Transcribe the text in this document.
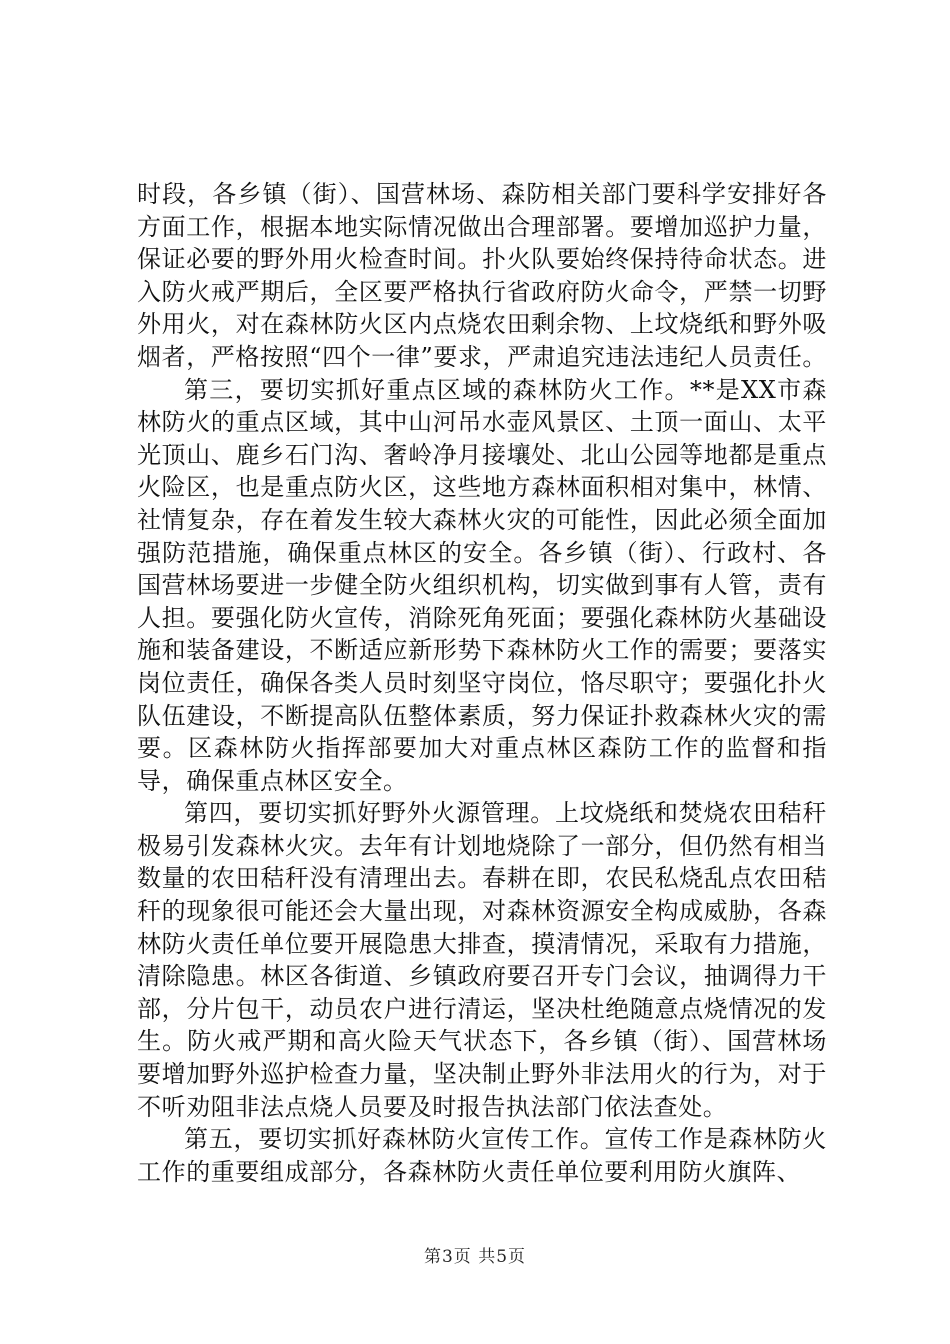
时段，各乡镇（街）、国营林场、森防相关部门要科学安排好各方面工作，根据本地实际情况做出合理部署。要增加巡护力量，保证必要的野外用火检查时间。扑火队要始终保持待命状态。进入防火戒严期后，全区要严格执行省政府防火命令，严禁一切野外用火，对在森林防火区内点烧农田剩余物、上坟烧纸和野外吸烟者，严格按照“四个一律”要求，严肃追究违法违纪人员责任。

第三，要切实抓好重点区域的森林防火工作。**是XX市森林防火的重点区域，其中山河吊水壶风景区、土顶一面山、太平光顶山、鹿乡石门沟、奢岭净月接壤处、北山公园等地都是重点火险区，也是重点防火区，这些地方森林面积相对集中，林情、社情复杂，存在着发生较大森林火灾的可能性，因此必须全面加强防范措施，确保重点林区的安全。各乡镇（街）、行政村、各国营林场要进一步健全防火组织机构，切实做到事有人管，责有人担。要强化防火宣传，消除死角死面；要强化森林防火基础设施和装备建设，不断适应新形势下森林防火工作的需要；要落实岗位责任，确保各类人员时刻坚守岗位，恪尽职守；要强化扑火队伍建设，不断提高队伍整体素质，努力保证扑救森林火灾的需要。区森林防火指挥部要加大对重点林区森防工作的监督和指导，确保重点林区安全。

第四，要切实抓好野外火源管理。上坟烧纸和焚烧农田秸秆极易引发森林火灾。去年有计划地烧除了一部分，但仍然有相当数量的农田秸秆没有清理出去。春耕在即，农民私烧乱点农田秸秆的现象很可能还会大量出现，对森林资源安全构成威胁，各森林防火责任单位要开展隐患大排查，摸清情况，采取有力措施，清除隐患。林区各街道、乡镇政府要召开专门会议，抽调得力干部，分片包干，动员农户进行清运，坚决杜绝随意点烧情况的发生。防火戒严期和高火险天气状态下，各乡镇（街）、国营林场要增加野外巡护检查力量，坚决制止野外非法用火的行为，对于不听劝阻非法点烧人员要及时报告执法部门依法查处。

第五，要切实抓好森林防火宣传工作。宣传工作是森林防火工作的重要组成部分，各森林防火责任单位要利用防火旗阵、

第3页 共5页
